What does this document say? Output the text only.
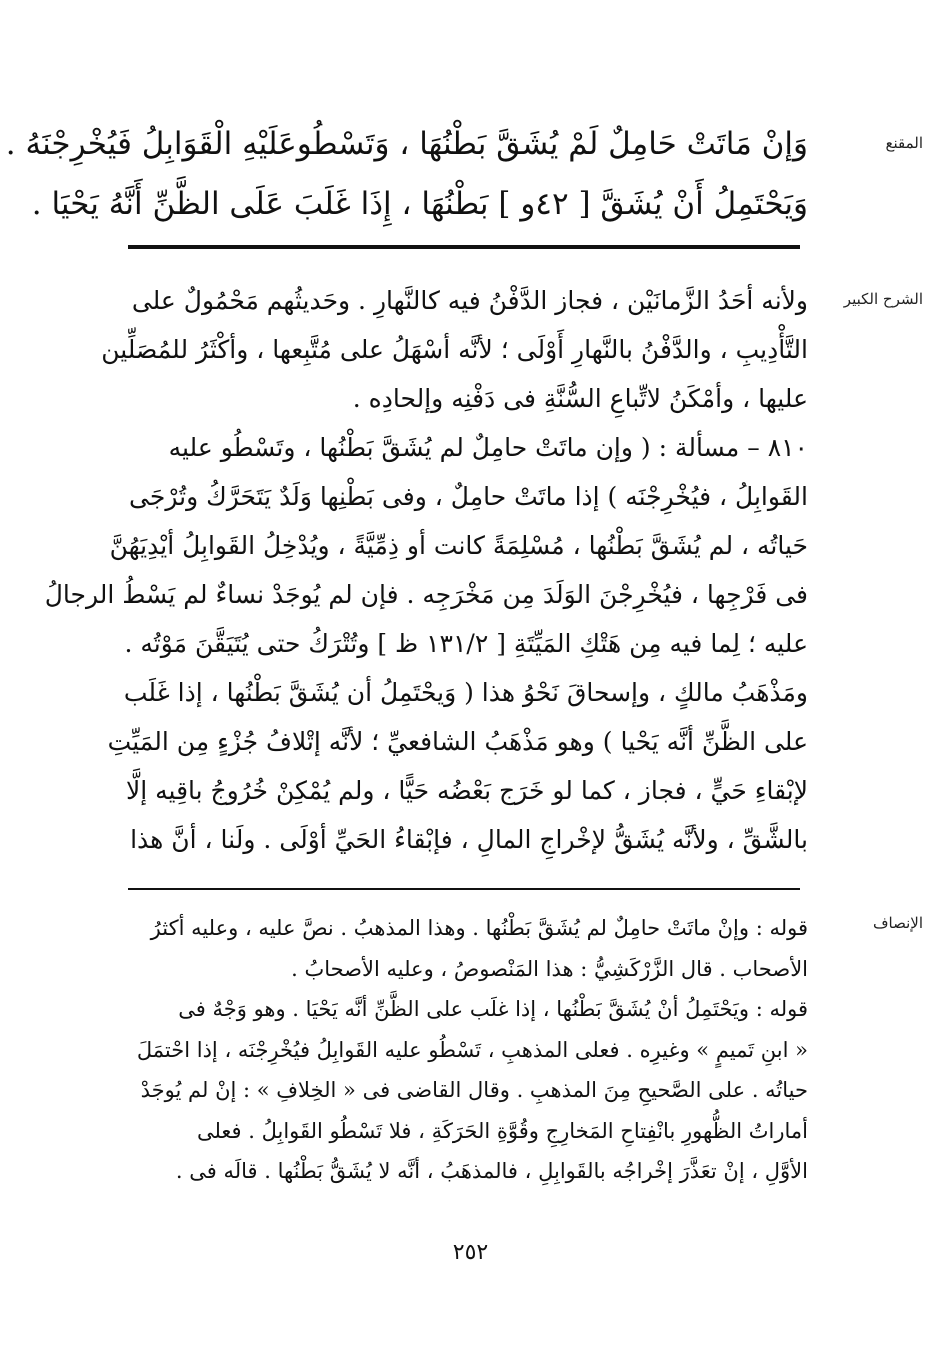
المقنع
وَإنْ مَاتَتْ حَامِلٌ لَمْ يُشَقَّ بَطْنُهَا ، وَتَسْطُوعَلَيْهِ الْقَوَابِلُ فَيُخْرِجْنَهُ .
وَيَحْتَمِلُ أَنْ يُشَقَّ [ ٤٢و ] بَطْنُهَا ، إِذَا غَلَبَ عَلَى الظَّنِّ أَنَّهُ يَحْيَا .
الشرح الكبير
ولأنه أحَدُ الزَّمانَيْن ، فجاز الدَّفْنُ فيه كالنَّهارِ . وحَديثُهم مَحْمُولٌ على
التَّأْدِيبِ ، والدَّفْنُ بالنَّهارِ أَوْلَى ؛ لأنَّه أسْهَلُ على مُتَّبِعها ، وأكْثَرُ للمُصَلِّين
عليها ، وأمْكَنُ لاتِّباعِ السُّنَّةِ فى دَفْنِه وإلحادِه .
٨١٠ – مسألة : ( وإن ماتَتْ حامِلٌ لم يُشَقَّ بَطْنُها ، وتَسْطُو عليه
القَوابِلُ ، فيُخْرِجْنَه ) إذا ماتَتْ حامِلٌ ، وفى بَطْنِها وَلَدٌ يَتَحَرَّكُ وتُرْجَى
حَياتُه ، لم يُشَقَّ بَطْنُها ، مُسْلِمَةً كانت أو ذِمِّيَّةً ، ويُدْخِلُ القَوابِلُ أيْدِيَهُنَّ
فى فَرْجِها ، فيُخْرِجْنَ الوَلَدَ مِن مَخْرَجِه . فإن لم يُوجَدْ نساءٌ لم يَسْطُ الرجالُ
عليه ؛ لِما فيه مِن هَتْكِ المَيِّتَةِ [ ١٣١/٢ ظ ] وتُتْرَكُ حتى يُتَيَقَّنَ مَوْتُه .
ومَذْهَبُ مالكٍ ، وإسحاقَ نَحْوُ هذا ( وَيحْتَمِلُ أن يُشَقَّ بَطْنُها ، إذا غَلَب
على الظَّنِّ أنَّه يَحْيا ) وهو مَذْهَبُ الشافعيِّ ؛ لأنَّه إتْلافُ جُزْءٍ مِن المَيِّتِ
لإبْقاءِ حَيٍّ ، فجاز ، كما لو خَرَج بَعْضُه حَيًّا ، ولم يُمْكِنْ خُرُوجُ باقِيه إلَّا
بالشَّقِّ ، ولأنَّه يُشَقُّ لإخْراجِ المالِ ، فإبْقاءُ الحَيِّ أوْلَى . ولَنا ، أنَّ هذا
الإنصاف
قوله : وإنْ ماتَتْ حامِلٌ لم يُشَقَّ بَطْنُها . وهذا المذهبُ . نصَّ عليه ، وعليه أكثرُ
الأصحاب . قال الزَّرْكَشِيُّ : هذا المَنْصوصُ ، وعليه الأصحابُ .
قوله : ويَحْتَمِلُ أنْ يُشَقَّ بَطْنُها ، إذا غلَب على الظَّنِّ أنَّه يَحْيَا . وهو وَجْهٌ فى
« ابنِ تَميمٍ » وغيرِه . فعلى المذهبِ ، تَسْطُو عليه القَوابِلُ فيُخْرِجْنَه ، إذا احْتمَلَ
حياتُه . على الصَّحيحِ مِنَ المذهبِ . وقال القاضى فى « الخِلافِ » : إنْ لم يُوجَدْ
أماراتُ الظُّهورِ بانْفِتاحِ المَخارِجِ وقُوَّةِ الحَرَكَةِ ، فلا تَسْطُو القَوابِلُ . فعلى
الأوَّلِ ، إنْ تعَذَّرَ إخْراجُه بالقَوابِلِ ، فالمذهَبُ ، أنَّه لا يُشَقُّ بَطْنُها . قالَه فى .
٢٥٢
